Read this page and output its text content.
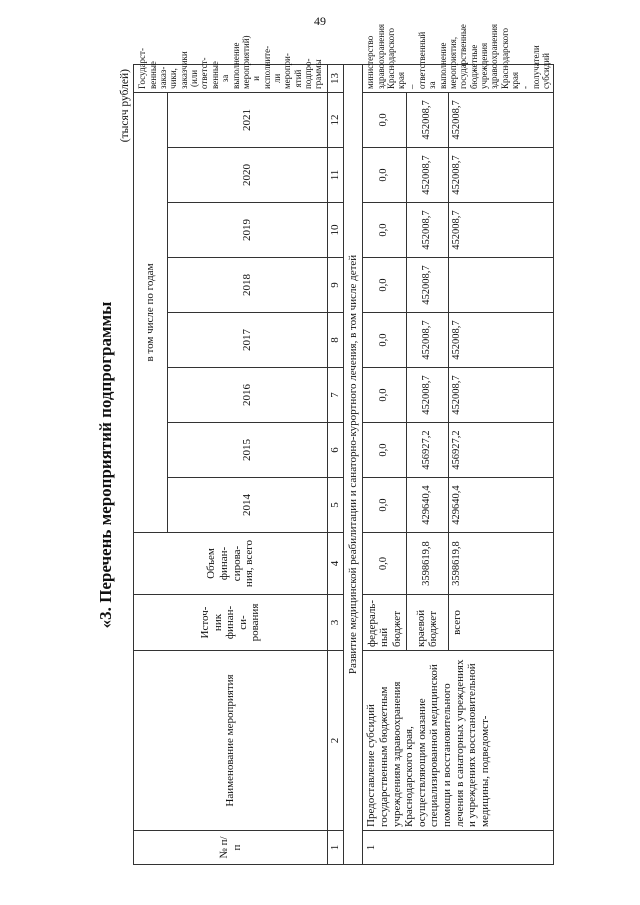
49
«3. Перечень мероприятий подпрограммы
(тысяч рублей)
№ п/п	Наименование мероприятия	Источ- ник финан- си- рования	Объем финан- сирова- ния, всего	в том числе по годам								Государст- венные заказ- чики, заказчики (или ответст- венные за выполнение мероприятий) и исполните- ли меропри- ятий подпро- граммы
				2014	2015	2016	2017	2018	2019	2020	2021	
1	2	3	4	5	6	7	8	9	10	11	12	13
Развитие медицинской реабилитации и санаторно-курортного лечения, в том числе детей												
1	Предоставление субсидий государственным бюджетным учреждениям здравоохранения Краснодарского края, осуществляющим оказание специализированной медицинской помощи и восстановительного лечения в санаторных учреждениях и учреждениях восстановительной медицины, подведомст-	федераль- ный бюджет	0,0	0,0	0,0	0,0	0,0	0,0	0,0	0,0	0,0	министерство здравоохранения Краснодарского края – ответственный за выполнение мероприятия, государственные бюджетные учреждения здравоохранения Краснодарского края - получатели субсидий
		краевой бюджет	3598619,8	429640,4	456927,2	452008,7	452008,7	452008,7	452008,7	452008,7	452008,7	
		всего	3598619,8	429640,4	456927,2	452008,7	452008,7		452008,7	452008,7	452008,7	
